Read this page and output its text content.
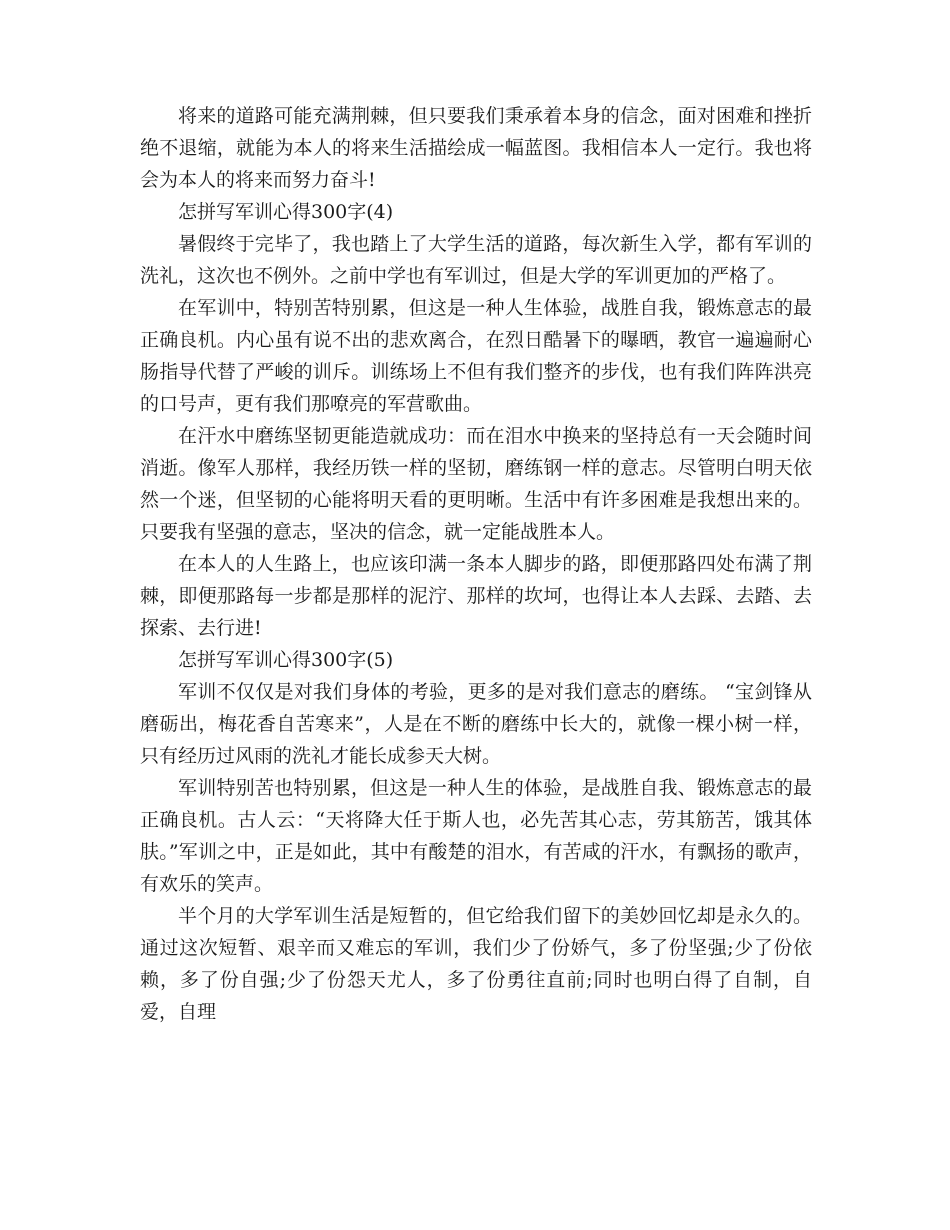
将来的道路可能充满荆棘，但只要我们秉承着本身的信念，面对困难和挫折绝不退缩，就能为本人的将来生活描绘成一幅蓝图。我相信本人一定行。我也将会为本人的将来而努力奋斗!

怎拼写军训心得300字(4)

暑假终于完毕了，我也踏上了大学生活的道路，每次新生入学，都有军训的洗礼，这次也不例外。之前中学也有军训过，但是大学的军训更加的严格了。

在军训中，特别苦特别累，但这是一种人生体验，战胜自我，锻炼意志的最正确良机。内心虽有说不出的悲欢离合，在烈日酷暑下的曝晒，教官一遍遍耐心肠指导代替了严峻的训斥。训练场上不但有我们整齐的步伐，也有我们阵阵洪亮的口号声，更有我们那嘹亮的军营歌曲。

在汗水中磨练坚韧更能造就成功：而在泪水中换来的坚持总有一天会随时间消逝。像军人那样，我经历铁一样的坚韧，磨练钢一样的意志。尽管明白明天依然一个迷，但坚韧的心能将明天看的更明晰。生活中有许多困难是我想出来的。只要我有坚强的意志，坚决的信念，就一定能战胜本人。

在本人的人生路上，也应该印满一条本人脚步的路，即便那路四处布满了荆棘，即便那路每一步都是那样的泥泞、那样的坎坷，也得让本人去踩、去踏、去探索、去行进!

怎拼写军训心得300字(5)

军训不仅仅是对我们身体的考验，更多的是对我们意志的磨练。 “宝剑锋从磨砺出，梅花香自苦寒来”，人是在不断的磨练中长大的，就像一棵小树一样，只有经历过风雨的洗礼才能长成参天大树。

军训特别苦也特别累，但这是一种人生的体验，是战胜自我、锻炼意志的最正确良机。古人云：“天将降大任于斯人也，必先苦其心志，劳其筋苦，饿其体肤。”军训之中，正是如此，其中有酸楚的泪水，有苦咸的汗水，有飘扬的歌声，有欢乐的笑声。

半个月的大学军训生活是短暂的，但它给我们留下的美妙回忆却是永久的。通过这次短暂、艰辛而又难忘的军训，我们少了份娇气，多了份坚强;少了份依赖，多了份自强;少了份怨天尤人，多了份勇往直前;同时也明白得了自制，自爱，自理
